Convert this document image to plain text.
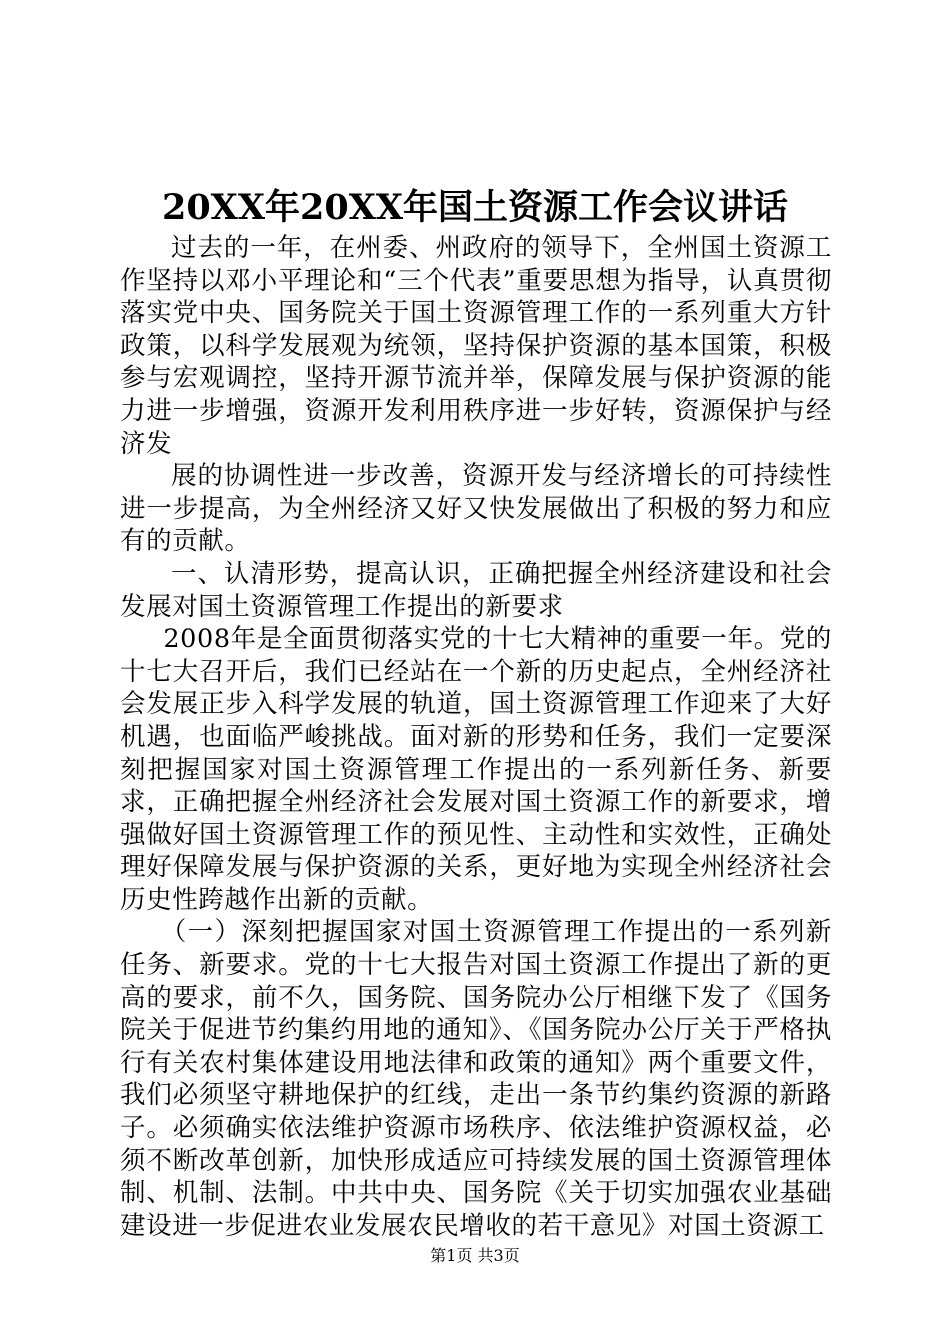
20XX年20XX年国土资源工作会议讲话

过去的一年，在州委、州政府的领导下，全州国土资源工作坚持以邓小平理论和“三个代表”重要思想为指导，认真贯彻落实党中央、国务院关于国土资源管理工作的一系列重大方针政策，以科学发展观为统领，坚持保护资源的基本国策，积极参与宏观调控，坚持开源节流并举，保障发展与保护资源的能力进一步增强，资源开发利用秩序进一步好转，资源保护与经济发

展的协调性进一步改善，资源开发与经济增长的可持续性进一步提高，为全州经济又好又快发展做出了积极的努力和应有的贡献。

一、认清形势，提高认识，正确把握全州经济建设和社会发展对国土资源管理工作提出的新要求

2008年是全面贯彻落实党的十七大精神的重要一年。党的十七大召开后，我们已经站在一个新的历史起点，全州经济社会发展正步入科学发展的轨道，国土资源管理工作迎来了大好机遇，也面临严峻挑战。面对新的形势和任务，我们一定要深刻把握国家对国土资源管理工作提出的一系列新任务、新要求，正确把握全州经济社会发展对国土资源工作的新要求，增强做好国土资源管理工作的预见性、主动性和实效性，正确处理好保障发展与保护资源的关系，更好地为实现全州经济社会历史性跨越作出新的贡献。

（一）深刻把握国家对国土资源管理工作提出的一系列新任务、新要求。党的十七大报告对国土资源工作提出了新的更高的要求，前不久，国务院、国务院办公厅相继下发了《国务院关于促进节约集约用地的通知》、《国务院办公厅关于严格执行有关农村集体建设用地法律和政策的通知》两个重要文件，我们必须坚守耕地保护的红线，走出一条节约集约资源的新路子。必须确实依法维护资源市场秩序、依法维护资源权益，必须不断改革创新，加快形成适应可持续发展的国土资源管理体制、机制、法制。中共中央、国务院《关于切实加强农业基础建设进一步促进农业发展农民增收的若干意见》对国土资源工

第1页 共3页
